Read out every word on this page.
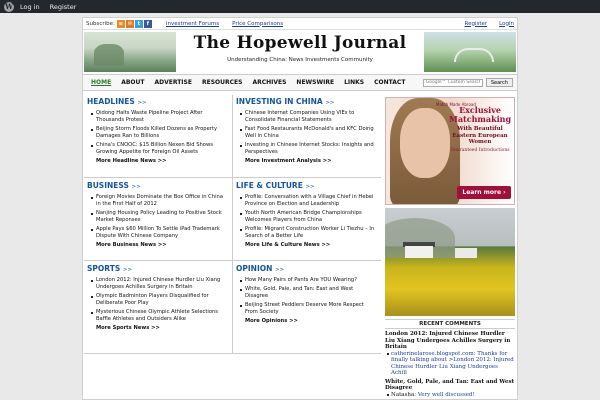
W Log in Register
Subscribe: ≋ ✉	t	f	Investment Forums Price Comparisons	Register Login
The Hopewell Journal
Understanding China: News Investments Community
HOME	ABOUT	ADVERTISE	RESOURCES	ARCHIVES	NEWSWIRE	LINKS	CONTACT
Google™ Custom Search	Search
HEADLINES >>
Qidong Halts Waste Pipeline Project After Thousands Protest
Beijing Storm Floods Killed Dozens as Property Damages Ran to Billions
China's CNOOC: $15 Billion Nexen Bid Shows Growing Appetite for Foreign Oil Assets
More Headline News >>
INVESTING IN CHINA >>
Chinese Internet Companies Using VIEs to Consolidate Financial Statements
Fast Food Restaurants McDonald's and KFC Doing Well in China
Investing in Chinese Internet Stocks: Insights and Perspectives
More Investment Analysis >>
BUSINESS >>
Foreign Movies Dominate the Box Office in China in the First Half of 2012
Nanjing Housing Policy Leading to Positive Stock Market Reponses
Apple Pays $60 Million To Settle iPad Trademark Dispute With Chinese Company
More Business News >>
LIFE & CULTURE >>
Profile: Conversation with a Village Chief in Hebei Province on Election and Leadership
Youth North American Bridge Championships Welcomes Players from China
Profile: Migrant Construction Worker Li Tiezhu – In Search of a Better Life
More Life & Culture News >>
SPORTS >>
London 2012: Injured Chinese Hurdler Liu Xiang Undergoes Achilles Surgery in Britain
Olympic Badminton Players Disqualified for Deliberate Poor Play
Mysterious Chinese Olympic Athlete Selections Baffle Athletes and Outsiders Alike
More Sports News >>
OPINION >>
How Many Pairs of Pants Are YOU Wearing?
White, Gold, Pale, and Tan: East and West Disagree
Beijing Street Peddlers Deserve More Respect From Society
More Opinions >>
Match Made Abroad
Exclusive Matchmaking
With Beautiful Eastern European Women
Guaranteed Introductions
Learn more ›
RECENT COMMENTS
London 2012: Injured Chinese Hurdler Liu Xiang Undergoes Achilles Surgery in Britain
catherinelarose.blogspot.com: Thanks for finally talking about >London 2012: Injured Chinese Hurdler Liu Xiang Undergoes Achill
White, Gold, Pale, and Tan: East and West Disagree
Natasha: Very well discussed!
